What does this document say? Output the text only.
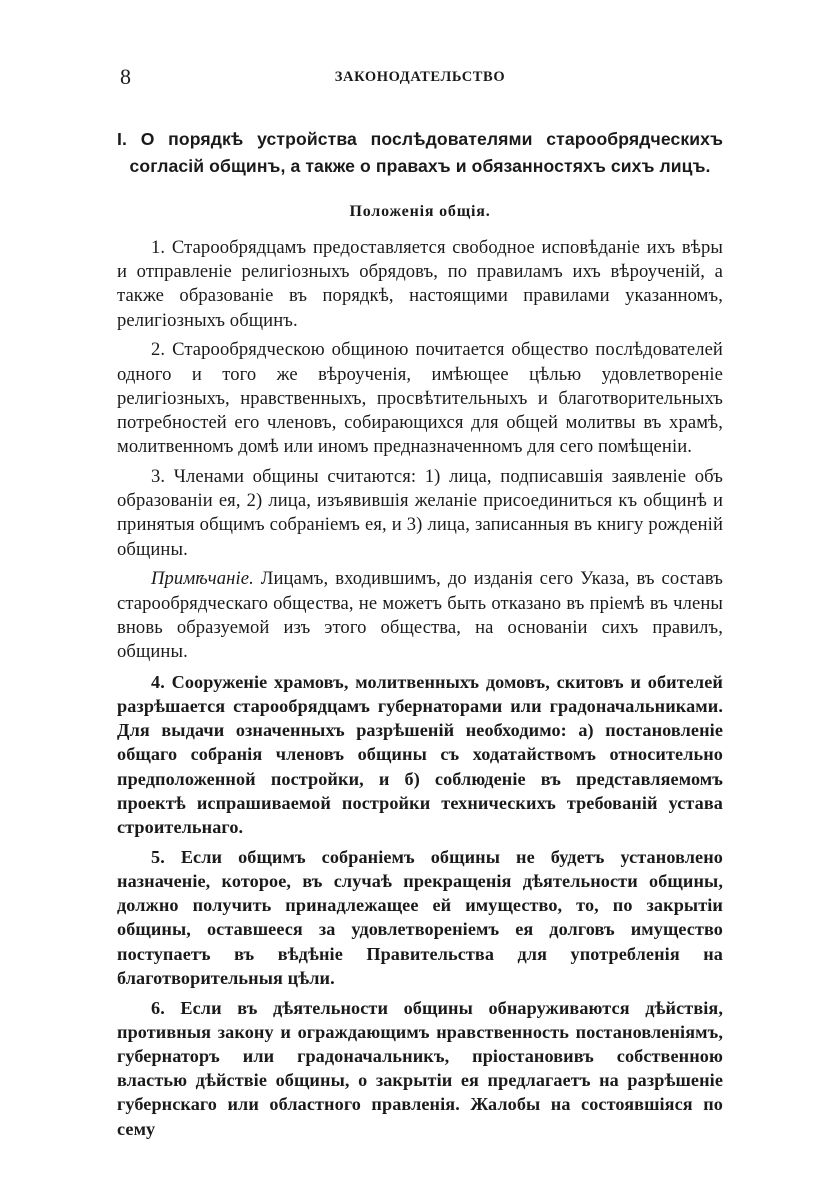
8	ЗАКОНОДАТЕЛЬСТВО
I. О порядкѣ устройства послѣдователями старообрядческихъ согласій общинъ, а также о правахъ и обязанностяхъ сихъ лицъ.
Положенія общія.

1. Старообрядцамъ предоставляется свободное исповѣданіе ихъ вѣры и отправленіе религіозныхъ обрядовъ, по правиламъ ихъ вѣроученій, а также образованіе въ порядкѣ, настоящими правилами указанномъ, религіозныхъ общинъ.

2. Старообрядческою общиною почитается общество послѣдователей одного и того же вѣроученія, имѣющее цѣлью удовлетвореніе религіозныхъ, нравственныхъ, просвѣтительныхъ и благотворительныхъ потребностей его членовъ, собирающихся для общей молитвы въ храмѣ, молитвенномъ домѣ или иномъ предназначенномъ для сего помѣщеніи.

3. Членами общины считаются: 1) лица, подписавшія заявленіе объ образованіи ея, 2) лица, изъявившія желаніе присоединиться къ общинѣ и принятыя общимъ собраніемъ ея, и 3) лица, записанныя въ книгу рожденій общины.

Примѣчаніе. Лицамъ, входившимъ, до изданія сего Указа, въ составъ старообрядческаго общества, не можетъ быть отказано въ пріемѣ въ члены вновь образуемой изъ этого общества, на основаніи сихъ правилъ, общины.

4. Сооруженіе храмовъ, молитвенныхъ домовъ, скитовъ и обителей разрѣшается старообрядцамъ губернаторами или градоначальниками. Для выдачи означенныхъ разрѣшеній необходимо: а) постановленіе общаго собранія членовъ общины съ ходатайствомъ относительно предположенной постройки, и б) соблюденіе въ представляемомъ проектѣ испрашиваемой постройки техническихъ требованій устава строительнаго.

5. Если общимъ собраніемъ общины не будетъ установлено назначеніе, которое, въ случаѣ прекращенія дѣятельности общины, должно получить принадлежащее ей имущество, то, по закрытіи общины, оставшееся за удовлетвореніемъ ея долговъ имущество поступаетъ въ вѣдѣніе Правительства для употребленія на благотворительныя цѣли.

6. Если въ дѣятельности общины обнаруживаются дѣйствія, противныя закону и ограждающимъ нравственность постановленіямъ, губернаторъ или градоначальникъ, пріостановивъ собственною властью дѣйствіе общины, о закрытіи ея предлагаетъ на разрѣшеніе губернскаго или областного правленія. Жалобы на состоявшіяся по сему
